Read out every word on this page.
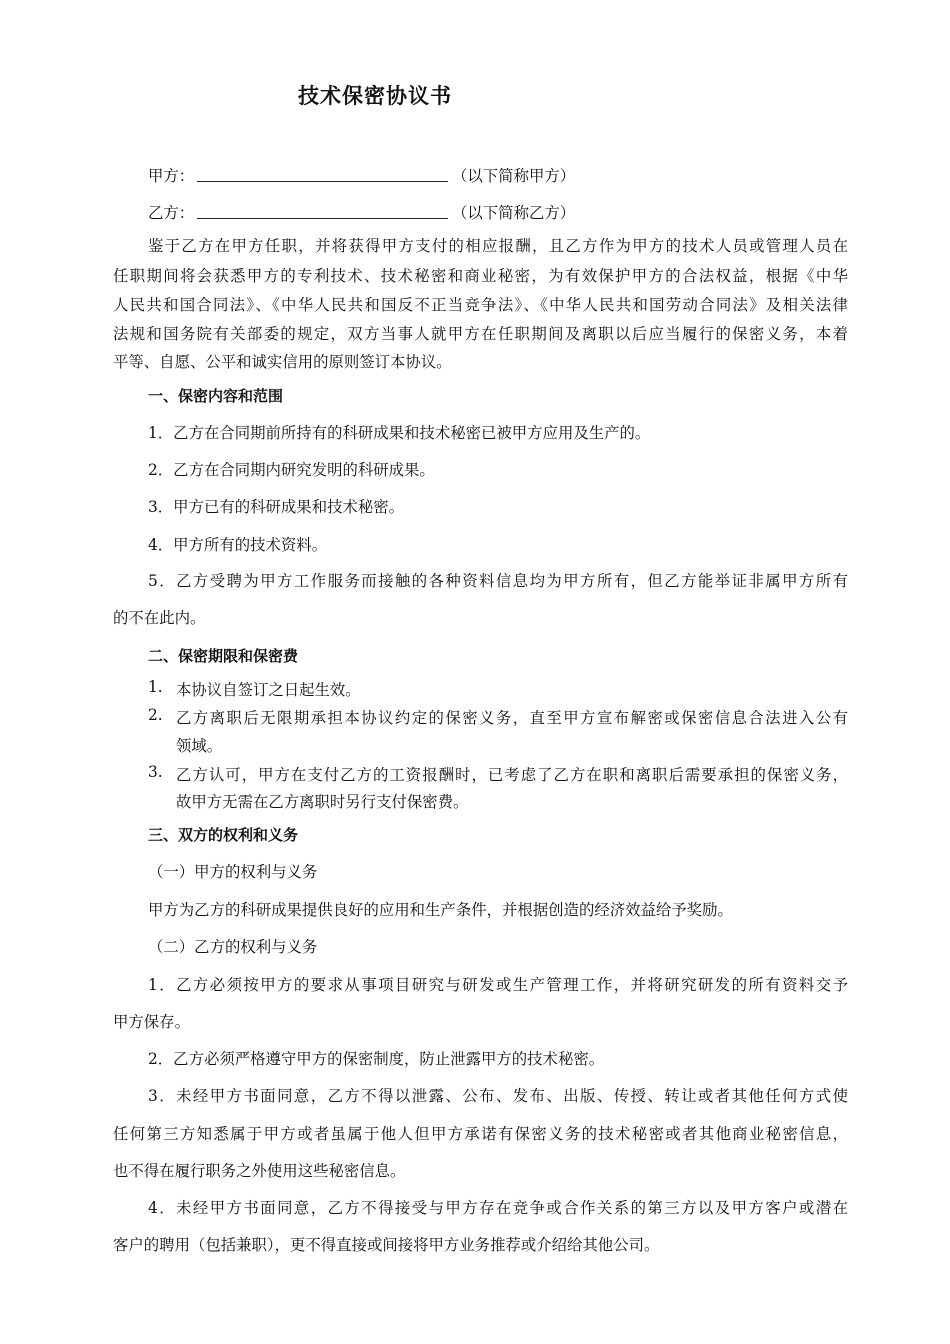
技术保密协议书
甲方：	（以下简称甲方）
乙方：	（以下简称乙方）
鉴于乙方在甲方任职，并将获得甲方支付的相应报酬，且乙方作为甲方的技术人员或管理人员在
任职期间将会获悉甲方的专利技术、技术秘密和商业秘密，为有效保护甲方的合法权益，根据《中华
人民共和国合同法》、《中华人民共和国反不正当竞争法》、《中华人民共和国劳动合同法》及相关法律
法规和国务院有关部委的规定，双方当事人就甲方在任职期间及离职以后应当履行的保密义务，本着
平等、自愿、公平和诚实信用的原则签订本协议。
一、保密内容和范围
1．乙方在合同期前所持有的科研成果和技术秘密已被甲方应用及生产的。
2．乙方在合同期内研究发明的科研成果。
3．甲方已有的科研成果和技术秘密。
4．甲方所有的技术资料。
5．乙方受聘为甲方工作服务而接触的各种资料信息均为甲方所有，但乙方能举证非属甲方所有
的不在此内。
二、保密期限和保密费
1. 本协议自签订之日起生效。
2. 乙方离职后无限期承担本协议约定的保密义务，直至甲方宣布解密或保密信息合法进入公有
领域。
3. 乙方认可，甲方在支付乙方的工资报酬时，已考虑了乙方在职和离职后需要承担的保密义务，
故甲方无需在乙方离职时另行支付保密费。
三、双方的权利和义务
（一）甲方的权利与义务
甲方为乙方的科研成果提供良好的应用和生产条件，并根据创造的经济效益给予奖励。
（二）乙方的权利与义务
1．乙方必须按甲方的要求从事项目研究与研发或生产管理工作，并将研究研发的所有资料交予
甲方保存。
2．乙方必须严格遵守甲方的保密制度，防止泄露甲方的技术秘密。
3．未经甲方书面同意，乙方不得以泄露、公布、发布、出版、传授、转让或者其他任何方式使
任何第三方知悉属于甲方或者虽属于他人但甲方承诺有保密义务的技术秘密或者其他商业秘密信息，
也不得在履行职务之外使用这些秘密信息。
4．未经甲方书面同意，乙方不得接受与甲方存在竞争或合作关系的第三方以及甲方客户或潜在
客户的聘用（包括兼职），更不得直接或间接将甲方业务推荐或介绍给其他公司。
